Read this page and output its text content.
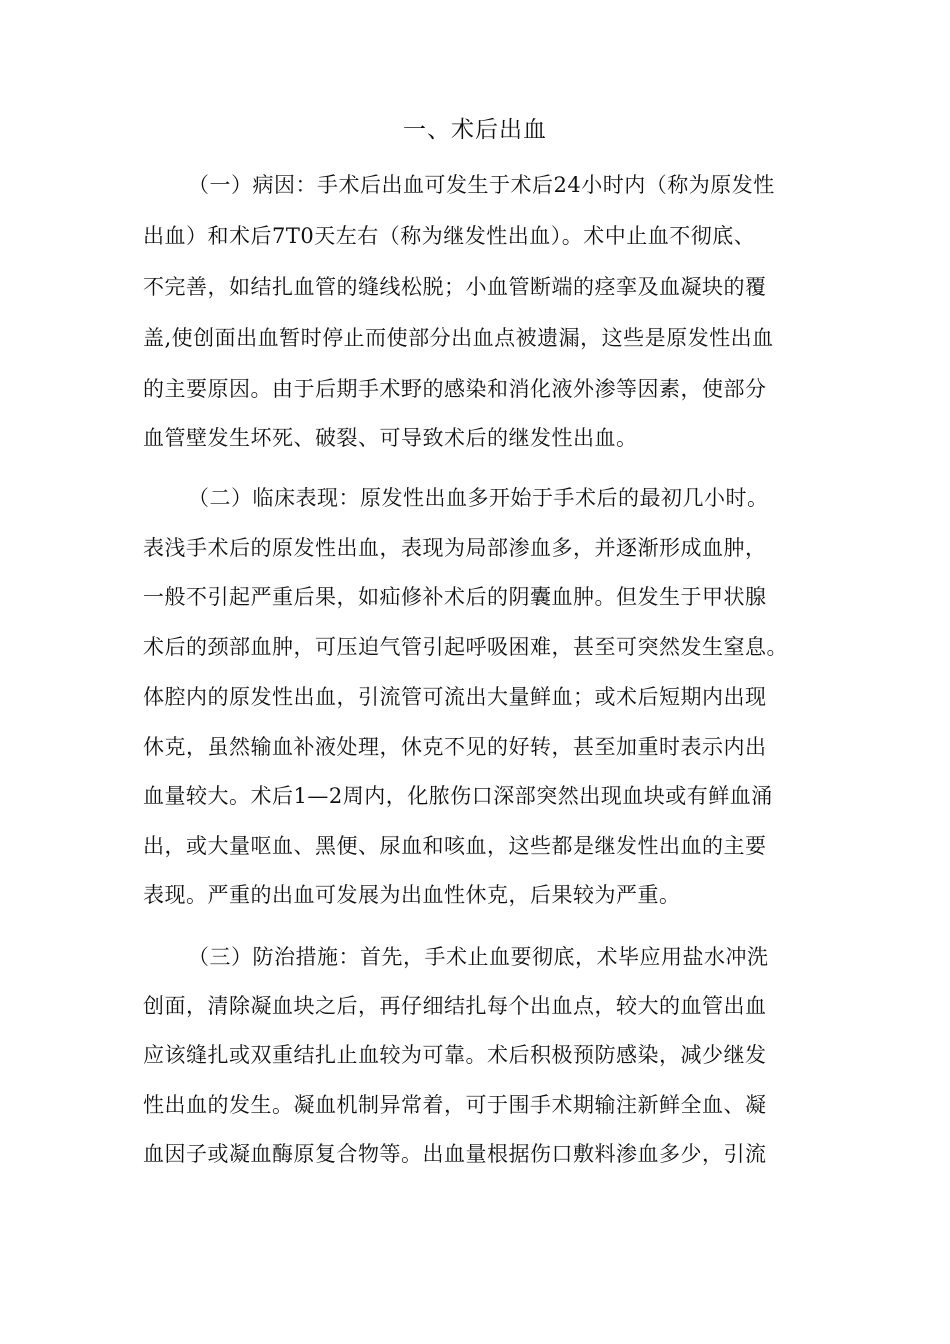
一、术后出血

（一）病因：手术后出血可发生于术后24小时内（称为原发性

出血）和术后7T0天左右（称为继发性出血）。术中止血不彻底、

不完善，如结扎血管的缝线松脱；小血管断端的痉挛及血凝块的覆

盖,使创面出血暂时停止而使部分出血点被遗漏，这些是原发性出血

的主要原因。由于后期手术野的感染和消化液外渗等因素，使部分

血管壁发生坏死、破裂、可导致术后的继发性出血。

（二）临床表现：原发性出血多开始于手术后的最初几小时。

表浅手术后的原发性出血，表现为局部渗血多，并逐渐形成血肿，

一般不引起严重后果，如疝修补术后的阴囊血肿。但发生于甲状腺

术后的颈部血肿，可压迫气管引起呼吸困难，甚至可突然发生窒息。

体腔内的原发性出血，引流管可流出大量鲜血；或术后短期内出现

休克，虽然输血补液处理，休克不见的好转，甚至加重时表示内出

血量较大。术后1—2周内，化脓伤口深部突然出现血块或有鲜血涌

出，或大量呕血、黑便、尿血和咳血，这些都是继发性出血的主要

表现。严重的出血可发展为出血性休克，后果较为严重。

（三）防治措施：首先，手术止血要彻底，术毕应用盐水冲洗

创面，清除凝血块之后，再仔细结扎每个出血点，较大的血管出血

应该缝扎或双重结扎止血较为可靠。术后积极预防感染，减少继发

性出血的发生。凝血机制异常着，可于围手术期输注新鲜全血、凝

血因子或凝血酶原复合物等。出血量根据伤口敷料渗血多少，引流
